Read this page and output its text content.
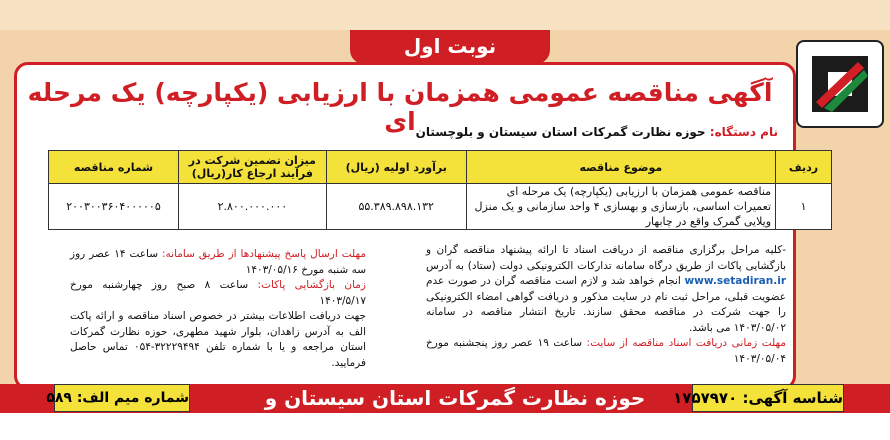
نوبت اول
آگهی مناقصه عمومی همزمان با ارزیابی (یکپارچه) یک مرحله ای	نام دستگاه: حوزه نظارت گمرکات استان سیستان و بلوچستان
ردیف	موضوع مناقصه	برآورد اولیه (ریال)	میزان تضمین شرکت در فرآیند ارجاع کار(ریال)	شماره مناقصه
۱	مناقصه عمومی همزمان با ارزیابی (یکپارچه) یک مرحله ای تعمیرات اساسی، بازسازی و بهسازی ۴ واحد سازمانی و یک منزل ویلایی گمرک واقع در چابهار	۵۵.۳۸۹.۸۹۸.۱۳۲	۲.۸۰۰.۰۰۰.۰۰۰	۲۰۰۳۰۰۳۶۰۴۰۰۰۰۰۵
-کلیه مراحل برگزاری مناقصه از دریافت اسناد تا ارائه پیشنهاد مناقصه گران و بازگشایی پاکات از طریق درگاه سامانه تدارکات الکترونیکی دولت (ستاد) به آدرس www.setadiran.ir انجام خواهد شد و لازم است مناقصه گران در صورت عدم عضویت قبلی، مراحل ثبت نام در سایت مذکور و دریافت گواهی امضاء الکترونیکی را جهت شرکت در مناقصه محقق سازند. تاریخ انتشار مناقصه در سامانه ۱۴۰۳/۰۵/۰۲ می باشد.
مهلت زمانی دریافت اسناد مناقصه از سایت: ساعت ۱۹ عصر روز پنجشنبه مورخ ۱۴۰۳/۰۵/۰۴
مهلت ارسال پاسخ پیشنهادها از طریق سامانه: ساعت ۱۴ عصر روز سه شنبه مورخ ۱۴۰۳/۰۵/۱۶
زمان بازگشایی پاکات: ساعت ۸ صبح روز چهارشنبه مورخ ۱۴۰۳/۵/۱۷
جهت دریافت اطلاعات بیشتر در خصوص اسناد مناقصه و ارائه پاکت الف به آدرس زاهدان، بلوار شهید مطهری، حوزه نظارت گمرکات استان مراجعه و یا با شماره تلفن ۳۲۲۲۹۴۹۴-۰۵۴ تماس حاصل فرمایید.
شناسه آگهی: ۱۷۵۷۹۷۰
حوزه نظارت گمرکات استان سیستان و بلوچستان
شماره میم الف: ۵۸۹
